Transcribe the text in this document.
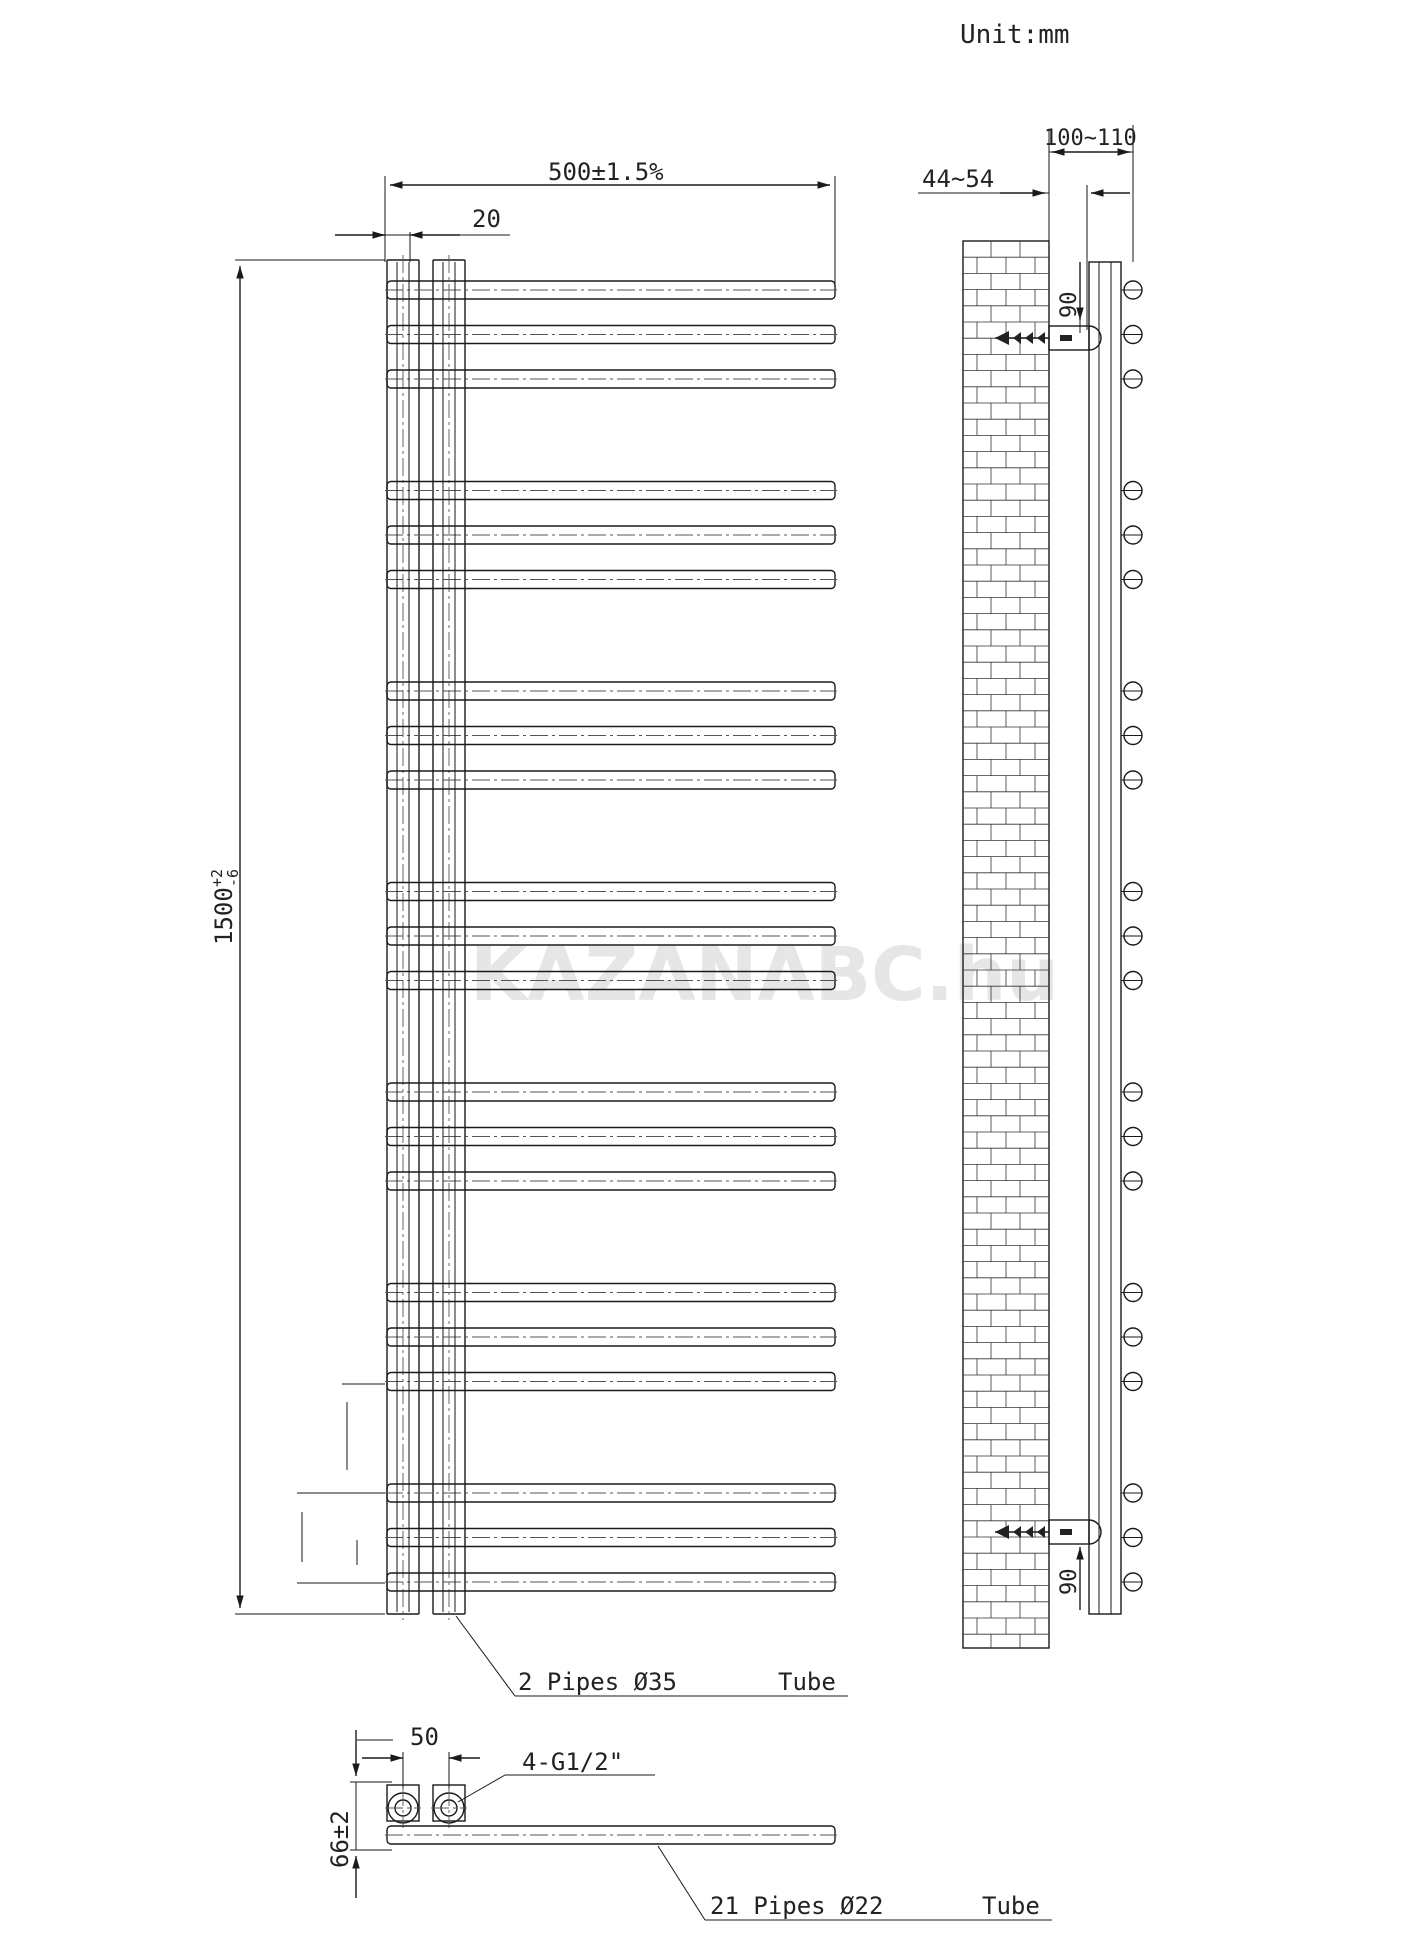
Unit:mm
KAZANABC.hu
500±1.5%
20
1500
+2
-6
2 Pipes Ø35	Tube
44~54
100~110
90
90
50
66±2
4-G1/2"
21 Pipes Ø22	Tube
